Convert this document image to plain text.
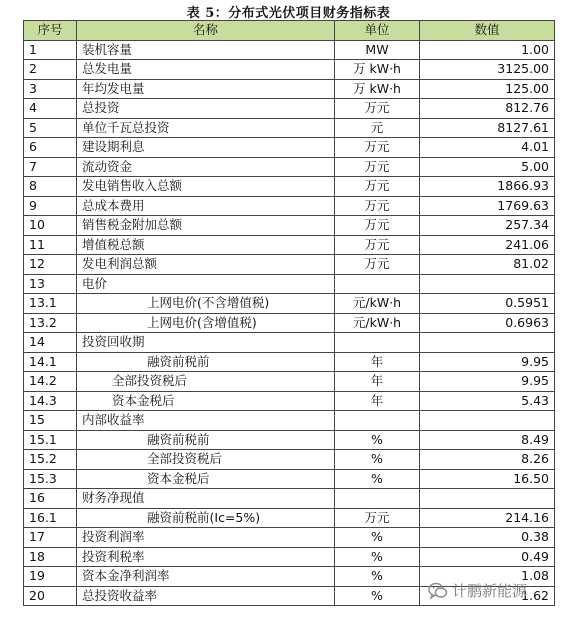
表 5：分布式光伏项目财务指标表
序号	名称	单位	数值
1	装机容量	MW	1.00
2	总发电量	万 kW·h	3125.00
3	年均发电量	万 kW·h	125.00
4	总投资	万元	812.76
5	单位千瓦总投资	元	8127.61
6	建设期利息	万元	4.01
7	流动资金	万元	5.00
8	发电销售收入总额	万元	1866.93
9	总成本费用	万元	1769.63
10	销售税金附加总额	万元	257.34
11	增值税总额	万元	241.06
12	发电利润总额	万元	81.02
13	电价		
13.1	上网电价(不含增值税)	元/kW·h	0.5951
13.2	上网电价(含增值税)	元/kW·h	0.6963
14	投资回收期		
14.1	融资前税前	年	9.95
14.2	全部投资税后	年	9.95
14.3	资本金税后	年	5.43
15	内部收益率		
15.1	融资前税前	%	8.49
15.2	全部投资税后	%	8.26
15.3	资本金税后	%	16.50
16	财务净现值		
16.1	融资前税前(Ic=5%)	万元	214.16
17	投资利润率	%	0.38
18	投资利税率	%	0.49
19	资本金净利润率	%	1.08
20	总投资收益率	%	1.62
计鹏新能源
